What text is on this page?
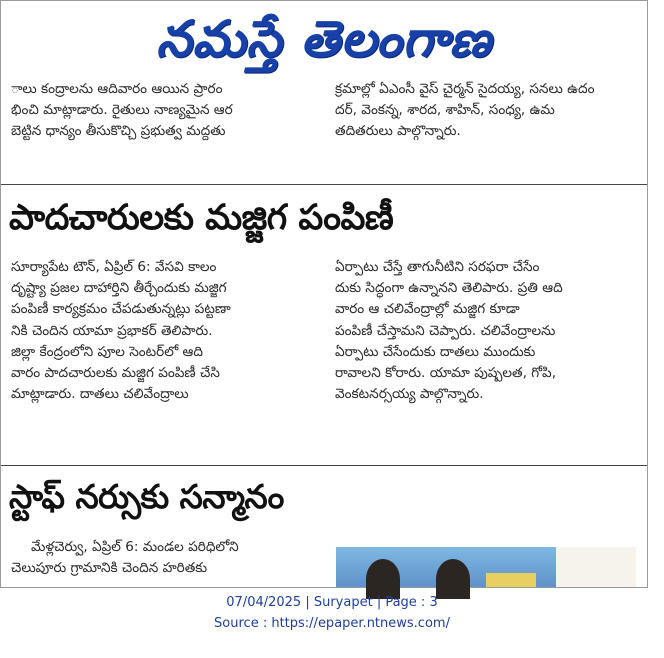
నమస్తే తెలంగాణ

ాలు కంద్రాలను ఆదివారం ఆయిన ప్రారం

భించి మాట్లాడారు. రైతులు నాణ్యమైన ఆర

బెట్టిన ధాన్యం తీసుకొచ్చి ప్రభుత్వ మద్దతు

క్రమాల్లో ఏఎంసీ వైస్ చైర్మన్ సైదయ్య, సనలు ఉదం

దర్, వెంకన్న, శారద, శాహిన్, సంధ్య, ఉమ

తదితరులు పాల్గొన్నారు.

పాదచారులకు మజ్జిగ పంపిణీ

సూర్యాపేట టౌన్, ఏప్రిల్ 6: వేసవి కాలం

దృష్ట్యా ప్రజల దాహార్తిని తీర్చేందుకు మజ్జిగ

పంపిణీ కార్యక్రమం చేపడుతున్నట్లు పట్టణా

నికి చెందిన యామా ప్రభాకర్ తెలిపారు.

జిల్లా కేంద్రంలోని పూల సెంటర్‌లో ఆది

వారం పాదచారులకు మజ్జిగ పంపిణీ చేసి

మాట్లాడారు. దాతలు చలివేంద్రాలు

ఏర్పాటు చేస్తే తాగునీటిని సరఫరా చేసేం

దుకు సిద్ధంగా ఉన్నానని తెలిపారు. ప్రతి ఆది

వారం ఆ చలివేంద్రాల్లో మజ్జిగ కూడా

పంపిణీ చేస్తామని చెప్పారు. చలివేంద్రాలను

ఏర్పాటు చేసేందుకు దాతలు ముందుకు

రావాలని కోరారు. యామా పుష్పలత, గోపి,

వెంకటనర్సయ్య పాల్గొన్నారు.

స్టాఫ్ నర్సుకు సన్మానం

మేళ్లచెర్వు, ఏప్రిల్ 6: మండల పరిధిలోని

చెలుపూరు గ్రామానికి చెందిన హరితకు

07/04/2025 | Suryapet | Page : 3
Source : https://epaper.ntnews.com/
